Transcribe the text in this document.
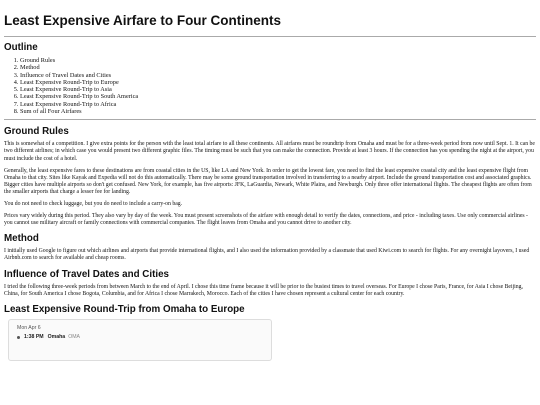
Least Expensive Airfare to Four Continents
Outline
1. Ground Rules
2. Method
3. Influence of Travel Dates and Cities
4. Least Expensive Round-Trip to Europe
5. Least Expensive Round-Trip to Asia
6. Least Expensive Round-Trip to South America
7. Least Expensive Round-Trip to Africa
8. Sum of all Four Airfares
Ground Rules

This is somewhat of a competition. I give extra points for the person with the least total airfare to all these continents. All airfares must be roundtrip from Omaha and must be for a three-week period from now until Sept. 1. It can be two different airlines; in which case you would present two different graphic files. The timing must be such that you can make the connection. Provide at least 3 hours. If the connection has you spending the night at the airport, you must include the cost of a hotel.

Generally, the least expensive fares to these destinations are from coastal cities in the US, like LA and New York. In order to get the lowest fare, you need to find the least expensive coastal city and the least expensive flight from Omaha to that city. Sites like Kayak and Expedia will not do this automatically. There may be some ground transportation involved in transferring to a nearby airport. Include the ground transportation cost and associated graphics. Bigger cities have multiple airports so don't get confused. New York, for example, has five airports: JFK, LaGuardia, Newark, White Plains, and Newburgh. Only three offer international flights. The cheapest flights are often from the smaller airports that charge a lesser fee for landing.

You do not need to check luggage, but you do need to include a carry-on bag.

Prices vary widely during this period. They also vary by day of the week. You must present screenshots of the airfare with enough detail to verify the dates, connections, and price - including taxes. Use only commercial airlines - you cannot use military aircraft or family connections with commercial companies. The flight leaves from Omaha and you cannot drive to another city.

Method

I initially used Google to figure out which airlines and airports that provide international flights, and I also used the information provided by a classmate that used Kiwi.com to search for flights. For any overnight layovers, I used Airbnb.com to search for available and cheap rooms.

Influence of Travel Dates and Cities

I tried the following three-week periods from between March to the end of April. I chose this time frame because it will be prior to the busiest times to travel overseas. For Europe I chose Paris, France, for Asia I chose Beijing, China, for South America I chose Bogota, Columbia, and for Africa I chose Marrakech, Morocco. Each of the cities I have chosen represent a cultural center for each country.

Least Expensive Round-Trip from Omaha to Europe
Mon Apr 6
1:38 PM Omaha OMA
